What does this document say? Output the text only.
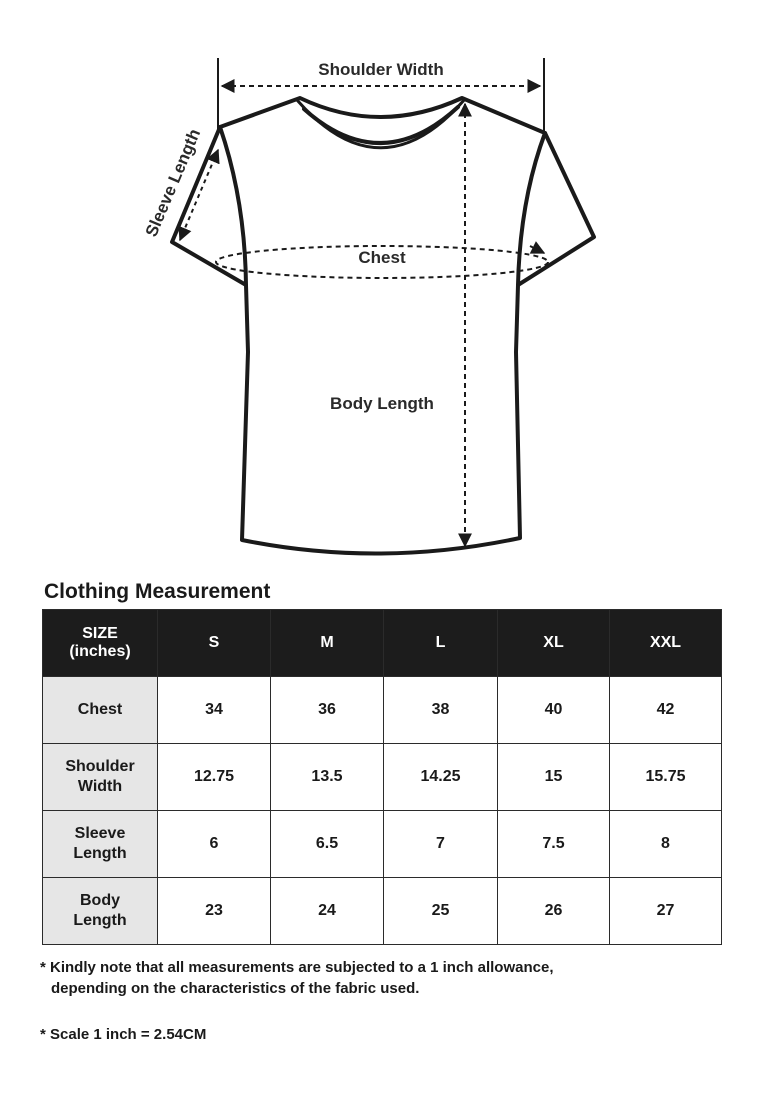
Shoulder Width
Sleeve Length
Chest
Body Length
Clothing Measurement
SIZE
(inches)	S	M	L	XL	XXL
Chest	34	36	38	40	42
Shoulder
Width	12.75	13.5	14.25	15	15.75
Sleeve
Length	6	6.5	7	7.5	8
Body
Length	23	24	25	26	27

* Kindly note that all measurements are subjected to a 1 inch allowance,
depending on the characteristics of the fabric used.

* Scale 1 inch = 2.54CM
